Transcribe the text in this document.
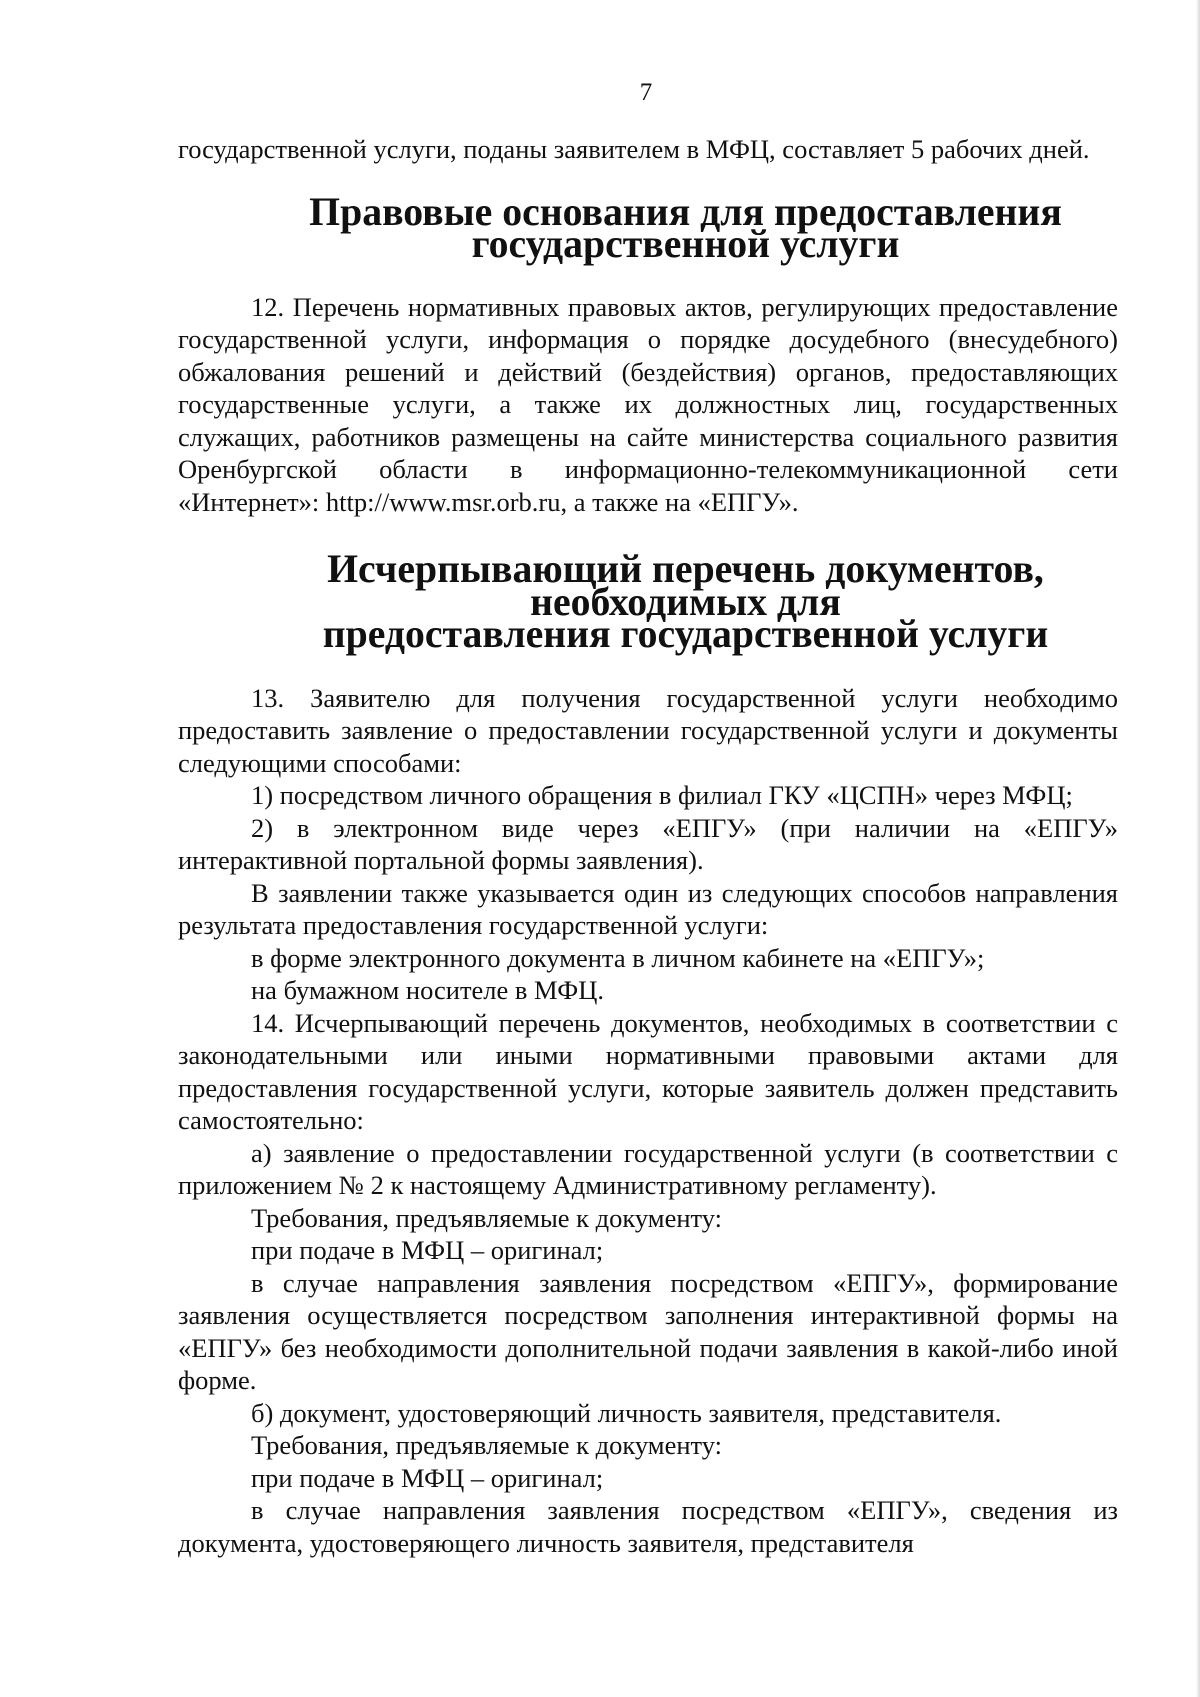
7

государственной услуги, поданы заявителем в МФЦ, составляет 5 рабочих дней.

Правовые основания для предоставления государственной услуги

12. Перечень нормативных правовых актов, регулирующих предоставление государственной услуги, информация о порядке досудебного (внесудебного) обжалования решений и действий (бездействия) органов, предоставляющих государственные услуги, а также их должностных лиц, государственных служащих, работников размещены на сайте министерства социального развития Оренбургской области в информационно-телекоммуникационной сети «Интернет»: http://www.msr.orb.ru, а также на «ЕПГУ».

Исчерпывающий перечень документов, необходимых для
предоставления государственной услуги

13. Заявителю для получения государственной услуги необходимо предоставить заявление о предоставлении государственной услуги и документы следующими способами:

1) посредством личного обращения в филиал ГКУ «ЦСПН» через МФЦ;

2) в электронном виде через «ЕПГУ» (при наличии на «ЕПГУ» интерактивной портальной формы заявления).

В заявлении также указывается один из следующих способов направления результата предоставления государственной услуги:

в форме электронного документа в личном кабинете на «ЕПГУ»;

на бумажном носителе в МФЦ.

14. Исчерпывающий перечень документов, необходимых в соответствии с законодательными или иными нормативными правовыми актами для предоставления государственной услуги, которые заявитель должен представить самостоятельно:

а) заявление о предоставлении государственной услуги (в соответствии с приложением № 2 к настоящему Административному регламенту).

Требования, предъявляемые к документу:

при подаче в МФЦ – оригинал;

в случае направления заявления посредством «ЕПГУ», формирование заявления осуществляется посредством заполнения интерактивной формы на «ЕПГУ» без необходимости дополнительной подачи заявления в какой-либо иной форме.

б) документ, удостоверяющий личность заявителя, представителя.

Требования, предъявляемые к документу:

при подаче в МФЦ – оригинал;

в случае направления заявления посредством «ЕПГУ», сведения из документа, удостоверяющего личность заявителя, представителя
